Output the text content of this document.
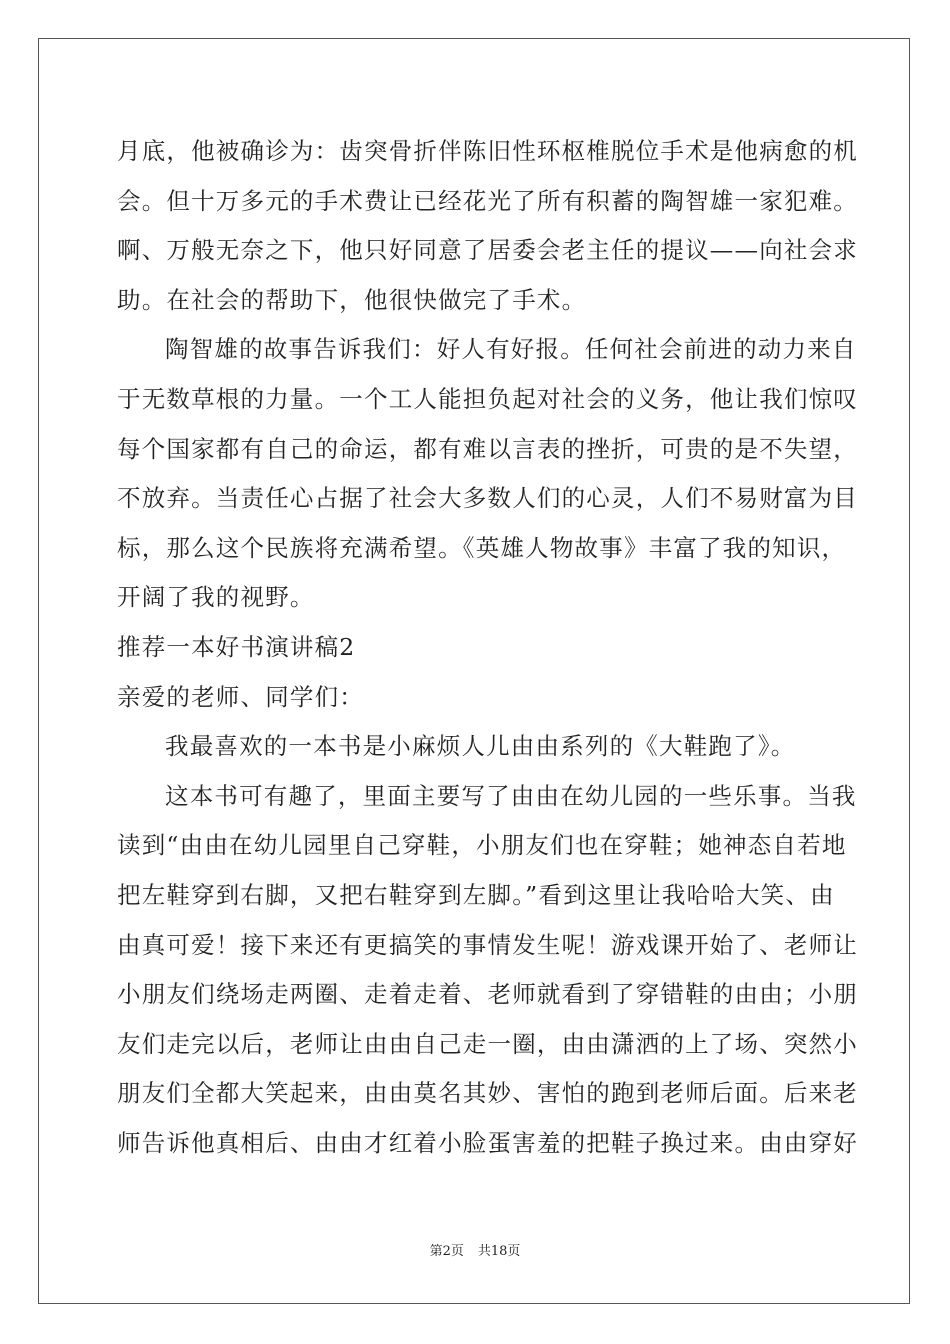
月底，他被确诊为：齿突骨折伴陈旧性环枢椎脱位手术是他病愈的机
会。但十万多元的手术费让已经花光了所有积蓄的陶智雄一家犯难。
啊、万般无奈之下，他只好同意了居委会老主任的提议——向社会求
助。在社会的帮助下，他很快做完了手术。
陶智雄的故事告诉我们：好人有好报。任何社会前进的动力来自
于无数草根的力量。一个工人能担负起对社会的义务，他让我们惊叹
每个国家都有自己的命运，都有难以言表的挫折，可贵的是不失望，
不放弃。当责任心占据了社会大多数人们的心灵，人们不易财富为目
标，那么这个民族将充满希望。《英雄人物故事》丰富了我的知识，
开阔了我的视野。
推荐一本好书演讲稿2
亲爱的老师、同学们：
我最喜欢的一本书是小麻烦人儿由由系列的《大鞋跑了》。
这本书可有趣了，里面主要写了由由在幼儿园的一些乐事。当我
读到“由由在幼儿园里自己穿鞋，小朋友们也在穿鞋；她神态自若地
把左鞋穿到右脚，又把右鞋穿到左脚。”看到这里让我哈哈大笑、由
由真可爱！接下来还有更搞笑的事情发生呢！游戏课开始了、老师让
小朋友们绕场走两圈、走着走着、老师就看到了穿错鞋的由由；小朋
友们走完以后，老师让由由自己走一圈，由由潇洒的上了场、突然小
朋友们全都大笑起来，由由莫名其妙、害怕的跑到老师后面。后来老
师告诉他真相后、由由才红着小脸蛋害羞的把鞋子换过来。由由穿好
第2页 共18页
